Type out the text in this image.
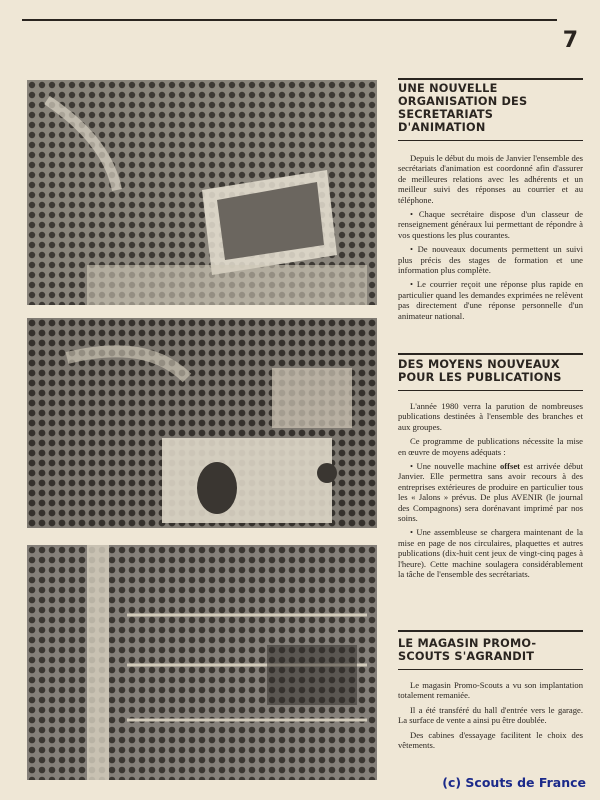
7
UNE NOUVELLE ORGANISATION DES SECRETARIATS D'ANIMATION

Depuis le début du mois de Janvier l'ensemble des secrétariats d'animation est coordonné afin d'assurer de meilleures relations avec les adhérents et un meilleur suivi des réponses au courrier et au téléphone.

• Chaque secrétaire dispose d'un classeur de renseignement généraux lui permettant de répondre à vos questions les plus courantes.

• De nouveaux documents permettent un suivi plus précis des stages de formation et une information plus complète.

• Le courrier reçoit une réponse plus rapide en particulier quand les demandes exprimées ne relèvent pas directement d'une réponse personnelle d'un animateur national.

DES MOYENS NOUVEAUX POUR LES PUBLICATIONS

L'année 1980 verra la parution de nombreuses publications destinées à l'ensemble des branches et aux groupes.

Ce programme de publications nécessite la mise en œuvre de moyens adéquats :

• Une nouvelle machine offset est arrivée début Janvier. Elle permettra sans avoir recours à des entreprises extérieures de produire en particulier tous les « Jalons » prévus. De plus AVENIR (le journal des Compagnons) sera dorénavant imprimé par nos soins.

• Une assembleuse se chargera maintenant de la mise en page de nos circulaires, plaquettes et autres publications (dix-huit cent jeux de vingt-cinq pages à l'heure). Cette machine soulagera considérablement la tâche de l'ensemble des secrétariats.

LE MAGASIN PROMO-SCOUTS S'AGRANDIT

Le magasin Promo-Scouts a vu son implantation totalement remaniée.

Il a été transféré du hall d'entrée vers le garage. La surface de vente a ainsi pu être doublée.

Des cabines d'essayage facilitent le choix des vêtements.

(c) Scouts de France
